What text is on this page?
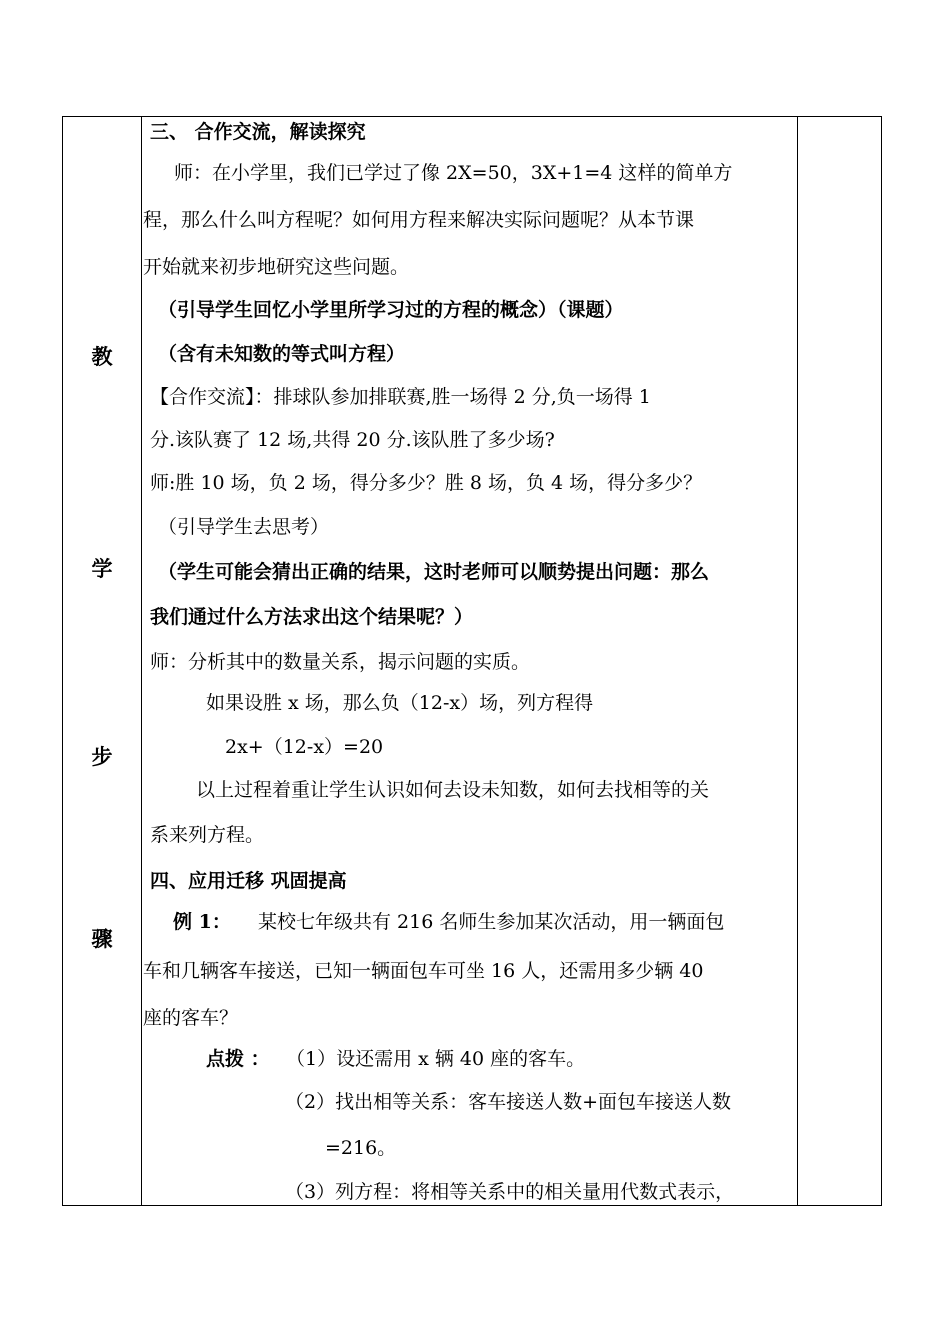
教
学
步
骤
三、 合作交流，解读探究
师：在小学里，我们已学过了像 2X=50，3X+1=4 这样的简单方
程，那么什么叫方程呢？如何用方程来解决实际问题呢？从本节课
开始就来初步地研究这些问题。
（引导学生回忆小学里所学习过的方程的概念）（课题）
（含有未知数的等式叫方程）
【合作交流】：排球队参加排联赛,胜一场得 2 分,负一场得 1
分.该队赛了 12 场,共得 20 分.该队胜了多少场?
师:胜 10 场，负 2 场，得分多少？胜 8 场，负 4 场，得分多少？
（引导学生去思考）
（学生可能会猜出正确的结果，这时老师可以顺势提出问题：那么
我们通过什么方法求出这个结果呢？）
师：分析其中的数量关系，揭示问题的实质。
如果设胜 x 场，那么负（12-x）场，列方程得
2x+（12-x）=20
以上过程着重让学生认识如何去设未知数，如何去找相等的关
系来列方程。
四、应用迁移 巩固提高
例 1： 某校七年级共有 216 名师生参加某次活动，用一辆面包
车和几辆客车接送，已知一辆面包车可坐 16 人，还需用多少辆 40
座的客车？
点拨 ： （1）设还需用 x 辆 40 座的客车。
（2）找出相等关系：客车接送人数+面包车接送人数
=216。
（3）列方程：将相等关系中的相关量用代数式表示，
